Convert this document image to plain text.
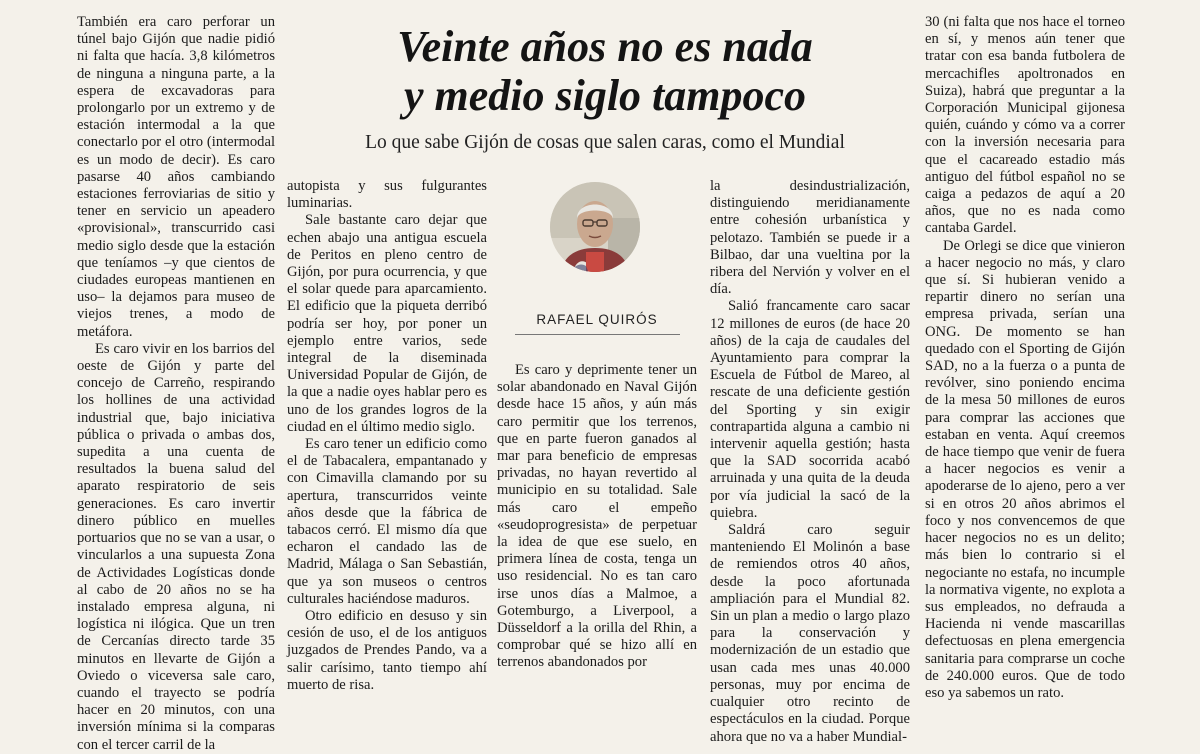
También era caro perforar un túnel bajo Gijón que nadie pidió ni falta que hacía. 3,8 kilómetros de ninguna a ninguna parte, a la espera de excavadoras para prolongarlo por un extremo y de estación intermodal a la que conectarlo por el otro (intermodal es un modo de decir). Es caro pasarse 40 años cambiando estaciones ferroviarias de sitio y tener en servicio un apeadero «provisional», transcurrido casi medio siglo desde que la estación que teníamos –y que cientos de ciudades europeas mantienen en uso– la dejamos para museo de viejos trenes, a modo de metáfora.

Es caro vivir en los barrios del oeste de Gijón y parte del concejo de Carreño, respirando los hollines de una actividad industrial que, bajo iniciativa pública o privada o ambas dos, supedita a una cuenta de resultados la buena salud del aparato respiratorio de seis generaciones. Es caro invertir dinero público en muelles portuarios que no se van a usar, o vincularlos a una supuesta Zona de Actividades Logísticas donde al cabo de 20 años no se ha instalado empresa alguna, ni logística ni ilógica. Que un tren de Cercanías directo tarde 35 minutos en llevarte de Gijón a Oviedo o viceversa sale caro, cuando el trayecto se podría hacer en 20 minutos, con una inversión mínima si la comparas con el tercer carril de la

Veinte años no es nada
y medio siglo tampoco

Lo que sabe Gijón de cosas que salen caras, como el Mundial

autopista y sus fulgurantes luminarias.

Sale bastante caro dejar que echen abajo una antigua escuela de Peritos en pleno centro de Gijón, por pura ocurrencia, y que el solar quede para aparcamiento. El edificio que la piqueta derribó podría ser hoy, por poner un ejemplo entre varios, sede integral de la diseminada Universidad Popular de Gijón, de la que a nadie oyes hablar pero es uno de los grandes logros de la ciudad en el último medio siglo.

Es caro tener un edificio como el de Tabacalera, empantanado y con Cimavilla clamando por su apertura, transcurridos veinte años desde que la fábrica de tabacos cerró. El mismo día que echaron el candado las de Madrid, Málaga o San Sebastián, que ya son museos o centros culturales haciéndose maduros.

Otro edificio en desuso y sin cesión de uso, el de los antiguos juzgados de Prendes Pando, va a salir carísimo, tanto tiempo ahí muerto de risa.

RAFAEL QUIRÓS

Es caro y deprimente tener un solar abandonado en Naval Gijón desde hace 15 años, y aún más caro permitir que los terrenos, que en parte fueron ganados al mar para beneficio de empresas privadas, no hayan revertido al municipio en su totalidad. Sale más caro el empeño «seudoprogresista» de perpetuar la idea de que ese suelo, en primera línea de costa, tenga un uso residencial. No es tan caro irse unos días a Malmoe, a Gotemburgo, a Liverpool, a Düsseldorf a la orilla del Rhin, a comprobar qué se hizo allí en terrenos abandonados por

la desindustrialización, distinguiendo meridianamente entre cohesión urbanística y pelotazo. También se puede ir a Bilbao, dar una vueltina por la ribera del Nervión y volver en el día.

Salió francamente caro sacar 12 millones de euros (de hace 20 años) de la caja de caudales del Ayuntamiento para comprar la Escuela de Fútbol de Mareo, al rescate de una deficiente gestión del Sporting y sin exigir contrapartida alguna a cambio ni intervenir aquella gestión; hasta que la SAD socorrida acabó arruinada y una quita de la deuda por vía judicial la sacó de la quiebra.

Saldrá caro seguir manteniendo El Molinón a base de remiendos otros 40 años, desde la poco afortunada ampliación para el Mundial 82. Sin un plan a medio o largo plazo para la conservación y modernización de un estadio que usan cada mes unas 40.000 personas, muy por encima de cualquier otro recinto de espectáculos en la ciudad. Porque ahora que no va a haber Mundial-

30 (ni falta que nos hace el torneo en sí, y menos aún tener que tratar con esa banda futbolera de mercachifles apoltronados en Suiza), habrá que preguntar a la Corporación Municipal gijonesa quién, cuándo y cómo va a correr con la inversión necesaria para que el cacareado estadio más antiguo del fútbol español no se caiga a pedazos de aquí a 20 años, que no es nada como cantaba Gardel.

De Orlegi se dice que vinieron a hacer negocio no más, y claro que sí. Si hubieran venido a repartir dinero no serían una empresa privada, serían una ONG. De momento se han quedado con el Sporting de Gijón SAD, no a la fuerza o a punta de revólver, sino poniendo encima de la mesa 50 millones de euros para comprar las acciones que estaban en venta. Aquí creemos de hace tiempo que venir de fuera a hacer negocios es venir a apoderarse de lo ajeno, pero a ver si en otros 20 años abrimos el foco y nos convencemos de que hacer negocios no es un delito; más bien lo contrario si el negociante no estafa, no incumple la normativa vigente, no explota a sus empleados, no defrauda a Hacienda ni vende mascarillas defectuosas en plena emergencia sanitaria para comprarse un coche de 240.000 euros. Que de todo eso ya sabemos un rato.
